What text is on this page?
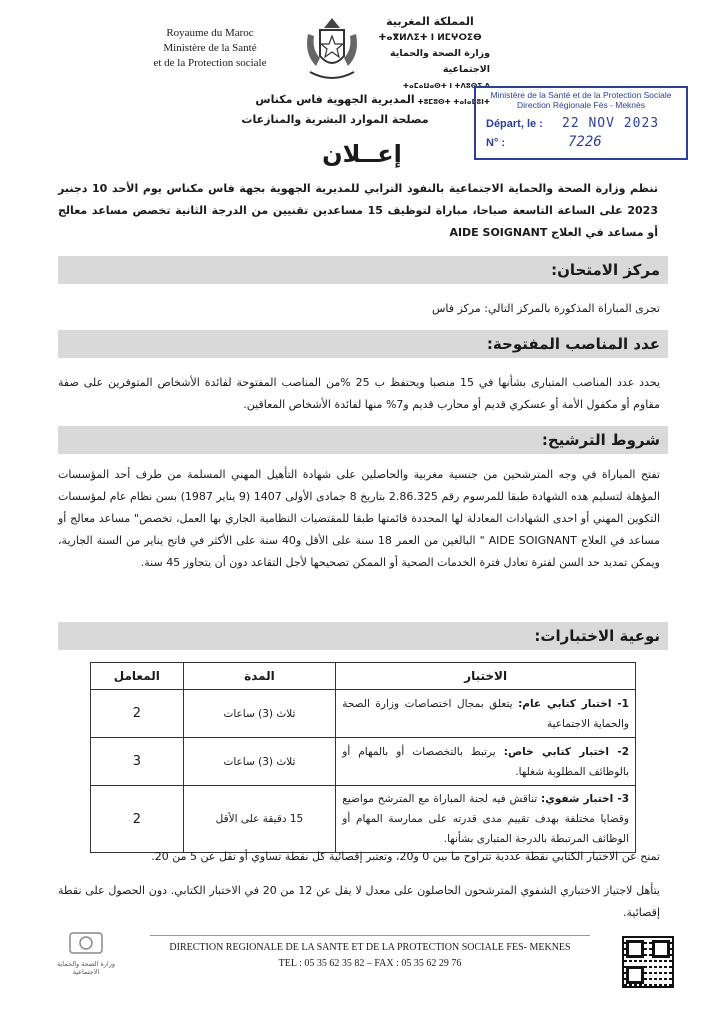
Royaume du Maroc
Ministère de la Santé
et de la Protection sociale
المملكة المغربية
ⵜⴰⴳⵍⴷⵉⵜ ⵏ ⵍⵎⵖⵔⵉⴱ
وزارة الصحة والحماية الاجتماعية
ⵜⴰⵎⴰⵡⴰⵙⵜ ⵏ ⵜⴷⵓⵙⵉ ⴷ ⵜⵓⵎⵓⵙⵜ ⵜⴰⵏⴰⵎⵓⵏⵜ
المديرية الجهوية فاس مكناس
مصلحة الموارد البشرية والمنازعات
Ministère de la Santé et de la Protection Sociale
Direction Régionale Fès - Meknès
Départ, le : 22 NOV 2023
N° :	7226
إعــلان
تنظم وزارة الصحة والحماية الاجتماعية بالنفوذ الترابي للمديرية الجهوية بجهة فاس مكناس يوم الأحد 10 دجنبر 2023 على الساعة التاسعة صباحا، مباراة لتوظيف 15 مساعدين تقنيين من الدرجة الثانية تخصص مساعد معالج أو مساعد في العلاج AIDE SOIGNANT
مركز الامتحان:
تجرى المباراة المذكورة بالمركز التالي: مركز فاس
عدد المناصب المفتوحة:
يحدد عدد المناصب المتبارى بشأنها في 15 منصبا ويحتفظ ب 25 %من المناصب المفتوحة لفائدة الأشخاص المتوفرين على صفة مقاوم أو مكفول الأمة أو عسكري قديم أو محارب قديم و7% منها لفائدة الأشخاص المعاقين.
شروط الترشيح:
تفتح المباراة في وجه المترشحين من جنسية مغربية والحاصلين على شهادة التأهيل المهني المسلمة من طرف أحد المؤسسات المؤهلة لتسليم هده الشهادة طبقا للمرسوم رقم 2.86.325 بتاريخ 8 جمادى الأولى 1407 (9 يناير 1987) بسن نظام عام لمؤسسات التكوين المهني أو احدى الشهادات المعادلة لها المحددة قائمتها طبقا للمقتضيات النظامية الجاري بها العمل، تخصص" مساعد معالج أو مساعد في العلاج AIDE SOIGNANT " البالغين من العمر 18 سنة على الأقل و40 سنة على الأكثر في فاتح يناير من السنة الجارية، ويمكن تمديد حد السن لفترة تعادل فترة الخدمات الصحية أو الممكن تصحيحها لأجل التقاعد دون أن يتجاوز 45 سنة.
نوعية الاختبارات:
الاختبار	المدة	المعامل
1- اختبار كتابي عام: يتعلق بمجال اختصاصات وزارة الصحة والحماية الاجتماعية	ثلاث (3) ساعات	2
2- اختبار كتابي خاص: يرتبط بالتخصصات أو بالمهام أو بالوظائف المطلوبة شغلها.	ثلاث (3) ساعات	3
3- اختبار شفوي: تناقش فيه لجنة المباراة مع المترشح مواضيع وقضايا مختلفة بهدف تقييم مدى قدرته على ممارسة المهام أو الوظائف المرتبطة بالدرجة المتبارى بشأنها.	15 دقيقة على الأقل	2
تمنح عن الاختبار الكتابي نقطة عددية تتراوح ما بين 0 و20، وتعتبر إقصائية كل نقطة تساوي أو تقل عن 5 من 20.
يتأهل لاجتياز الاختباري الشفوي المترشحون الحاصلون على معدل لا يقل عن 12 من 20 في الاختبار الكتابي. دون الحصول على نقطة إقصائية.
وزارة الصحة والحماية الاجتماعية
DIRECTION REGIONALE DE LA SANTE ET DE LA PROTECTION SOCIALE FES- MEKNES
TEL : 05 35 62 35 82 – FAX : 05 35 62 29 76
